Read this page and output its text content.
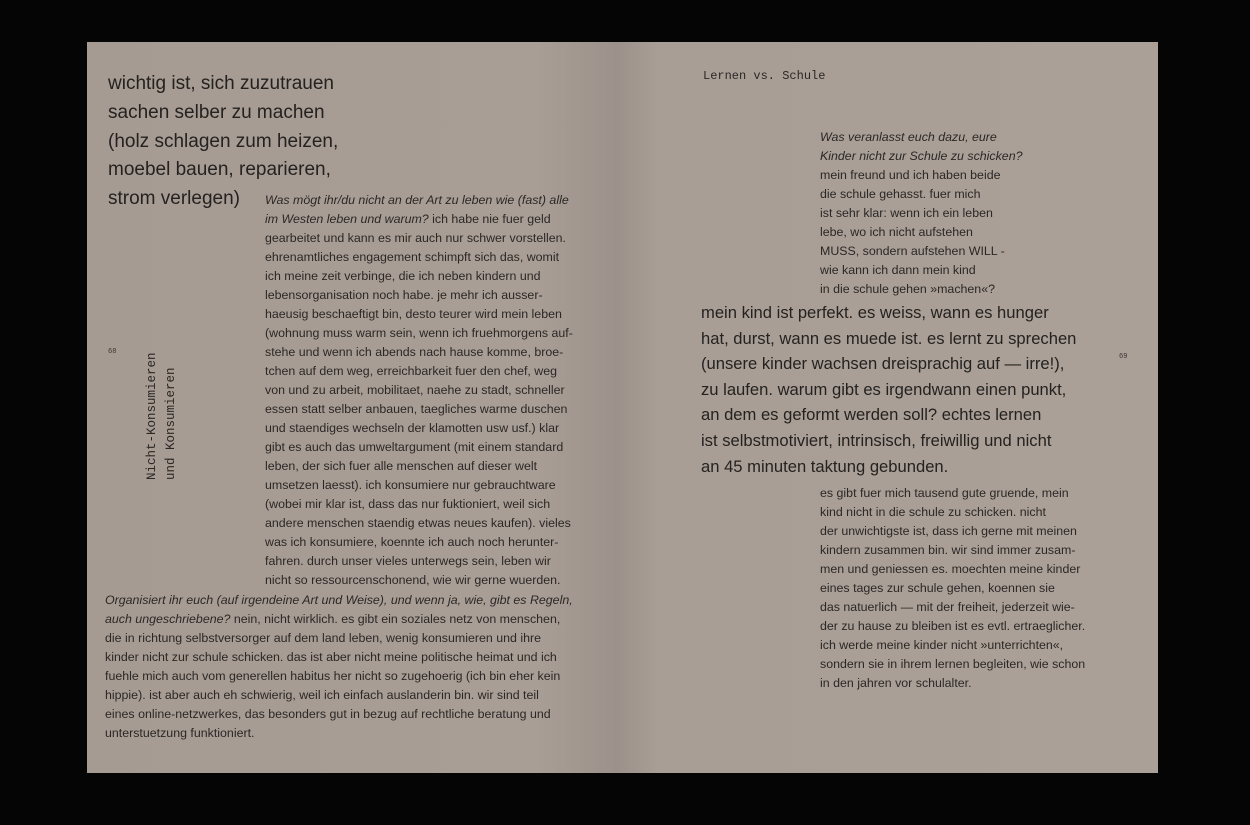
68
69
Nicht-Konsumieren und Konsumieren
Lernen vs. Schule
wichtig ist, sich zuzutrauen
sachen selber zu machen
(holz schlagen zum heizen,
moebel bauen, reparieren,
strom verlegen) Was mögt ihr/du nicht an der Art zu leben wie (fast) alle
im Westen leben und warum? ich habe nie fuer geld
gearbeitet und kann es mir auch nur schwer vorstellen.
ehrenamtliches engagement schimpft sich das, womit
ich meine zeit verbinge, die ich neben kindern und
lebensorganisation noch habe. je mehr ich ausser-
haeusig beschaeftigt bin, desto teurer wird mein leben
(wohnung muss warm sein, wenn ich fruehmorgens auf-
stehe und wenn ich abends nach hause komme, broe-
tchen auf dem weg, erreichbarkeit fuer den chef, weg
von und zu arbeit, mobilitaet, naehe zu stadt, schneller
essen statt selber anbauen, taegliches warme duschen
und staendiges wechseln der klamotten usw usf.) klar
gibt es auch das umweltargument (mit einem standard
leben, der sich fuer alle menschen auf dieser welt
umsetzen laesst). ich konsumiere nur gebrauchtware
(wobei mir klar ist, dass das nur fuktioniert, weil sich
andere menschen staendig etwas neues kaufen). vieles
was ich konsumiere, koennte ich auch noch herunter-
fahren. durch unser vieles unterwegs sein, leben wir
nicht so ressourcenschonend, wie wir gerne wuerden.
Organisiert ihr euch (auf irgendeine Art und Weise), und wenn ja, wie, gibt es Regeln,
auch ungeschriebene? nein, nicht wirklich. es gibt ein soziales netz von menschen,
die in richtung selbstversorger auf dem land leben, wenig konsumieren und ihre
kinder nicht zur schule schicken. das ist aber nicht meine politische heimat und ich
fuehle mich auch vom generellen habitus her nicht so zugehoerig (ich bin eher kein
hippie). ist aber auch eh schwierig, weil ich einfach auslanderin bin. wir sind teil
eines online-netzwerkes, das besonders gut in bezug auf rechtliche beratung und
unterstuetzung funktioniert.
Was veranlasst euch dazu, eure
Kinder nicht zur Schule zu schicken?
mein freund und ich haben beide
die schule gehasst. fuer mich
ist sehr klar: wenn ich ein leben
lebe, wo ich nicht aufstehen
MUSS, sondern aufstehen WILL -
wie kann ich dann mein kind
in die schule gehen »machen«?
mein kind ist perfekt. es weiss, wann es hunger
hat, durst, wann es muede ist. es lernt zu sprechen
(unsere kinder wachsen dreisprachig auf — irre!),
zu laufen. warum gibt es irgendwann einen punkt,
an dem es geformt werden soll? echtes lernen
ist selbstmotiviert, intrinsisch, freiwillig und nicht
an 45 minuten taktung gebunden.
es gibt fuer mich tausend gute gruende, mein
kind nicht in die schule zu schicken. nicht
der unwichtigste ist, dass ich gerne mit meinen
kindern zusammen bin. wir sind immer zusam-
men und geniessen es. moechten meine kinder
eines tages zur schule gehen, koennen sie
das natuerlich — mit der freiheit, jederzeit wie-
der zu hause zu bleiben ist es evtl. ertraeglicher.
ich werde meine kinder nicht »unterrichten«,
sondern sie in ihrem lernen begleiten, wie schon
in den jahren vor schulalter.
